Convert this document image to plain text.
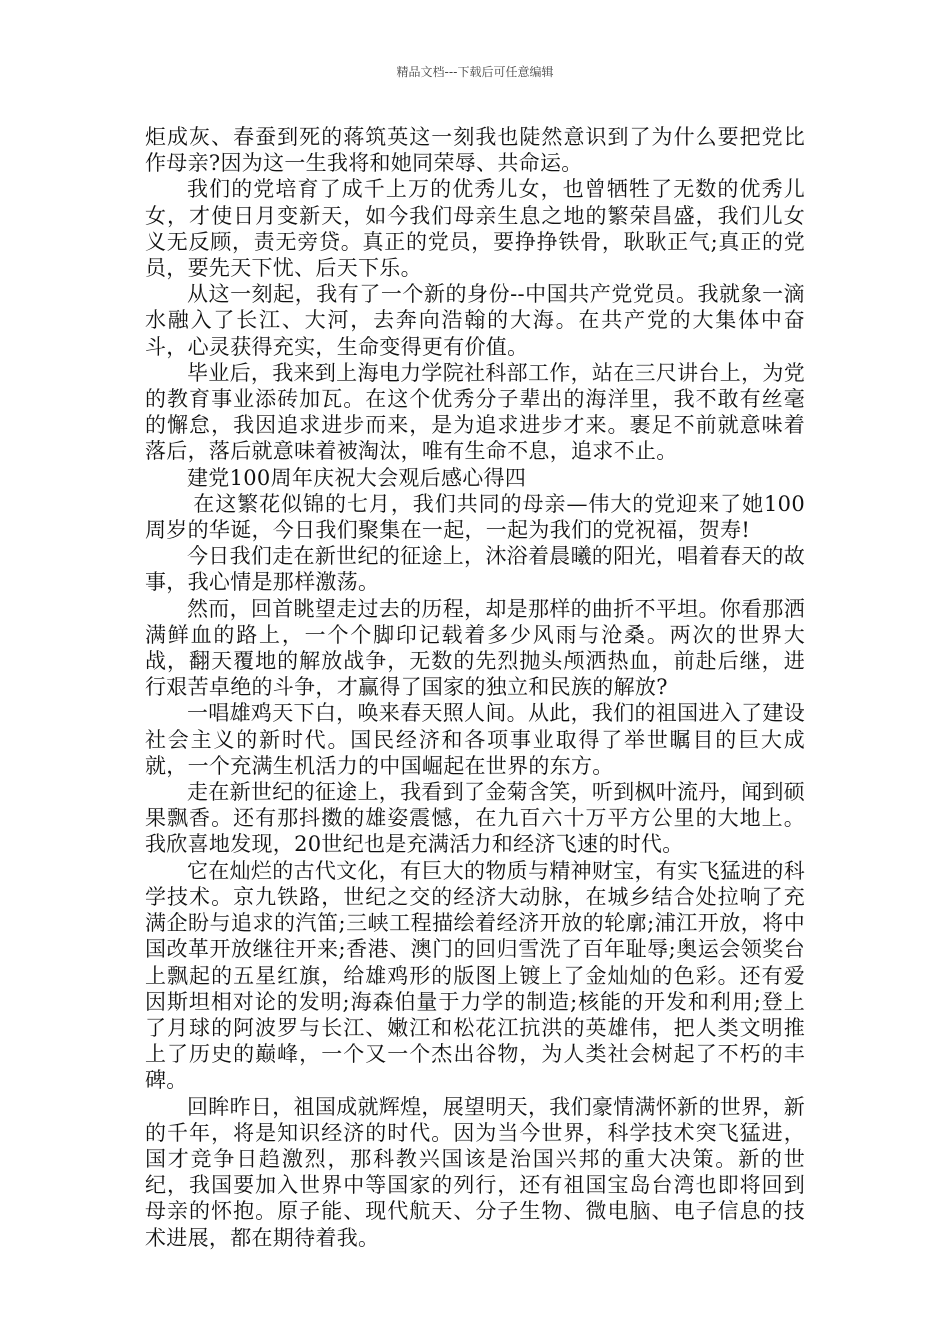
精品文档---下载后可任意编辑

炬成灰、春蚕到死的蒋筑英这一刻我也陡然意识到了为什么要把党比作母亲?因为这一生我将和她同荣辱、共命运。

我们的党培育了成千上万的优秀儿女，也曾牺牲了无数的优秀儿女，才使日月变新天，如今我们母亲生息之地的繁荣昌盛，我们儿女义无反顾，责无旁贷。真正的党员，要挣挣铁骨，耿耿正气;真正的党员，要先天下忧、后天下乐。

从这一刻起，我有了一个新的身份--中国共产党党员。我就象一滴水融入了长江、大河，去奔向浩翰的大海。在共产党的大集体中奋斗，心灵获得充实，生命变得更有价值。

毕业后，我来到上海电力学院社科部工作，站在三尺讲台上，为党的教育事业添砖加瓦。在这个优秀分子辈出的海洋里，我不敢有丝毫的懈怠，我因追求进步而来，是为追求进步才来。裹足不前就意味着落后，落后就意味着被淘汰，唯有生命不息，追求不止。

建党100周年庆祝大会观后感心得四

在这繁花似锦的七月，我们共同的母亲—伟大的党迎来了她100周岁的华诞，今日我们聚集在一起，一起为我们的党祝福，贺寿!

今日我们走在新世纪的征途上，沐浴着晨曦的阳光，唱着春天的故事，我心情是那样激荡。

然而，回首眺望走过去的历程，却是那样的曲折不平坦。你看那洒满鲜血的路上，一个个脚印记载着多少风雨与沧桑。两次的世界大战，翻天覆地的解放战争，无数的先烈抛头颅洒热血，前赴后继，进行艰苦卓绝的斗争，才赢得了国家的独立和民族的解放?

一唱雄鸡天下白，唤来春天照人间。从此，我们的祖国进入了建设社会主义的新时代。国民经济和各项事业取得了举世瞩目的巨大成就，一个充满生机活力的中国崛起在世界的东方。

走在新世纪的征途上，我看到了金菊含笑，听到枫叶流丹，闻到硕果飘香。还有那抖擞的雄姿震憾，在九百六十万平方公里的大地上。我欣喜地发现，20世纪也是充满活力和经济飞速的时代。

它在灿烂的古代文化，有巨大的物质与精神财宝，有实飞猛进的科学技术。京九铁路，世纪之交的经济大动脉，在城乡结合处拉响了充满企盼与追求的汽笛;三峡工程描绘着经济开放的轮廓;浦江开放，将中国改革开放继往开来;香港、澳门的回归雪洗了百年耻辱;奥运会领奖台上飘起的五星红旗，给雄鸡形的版图上镀上了金灿灿的色彩。还有爱因斯坦相对论的发明;海森伯量于力学的制造;核能的开发和利用;登上了月球的阿波罗与长江、嫩江和松花江抗洪的英雄伟，把人类文明推上了历史的巅峰，一个又一个杰出谷物，为人类社会树起了不朽的丰碑。

回眸昨日，祖国成就辉煌，展望明天，我们豪情满怀新的世界，新的千年，将是知识经济的时代。因为当今世界，科学技术突飞猛进，国才竞争日趋激烈，那科教兴国该是治国兴邦的重大决策。新的世纪，我国要加入世界中等国家的列行，还有祖国宝岛台湾也即将回到母亲的怀抱。原子能、现代航天、分子生物、微电脑、电子信息的技术进展，都在期待着我。
